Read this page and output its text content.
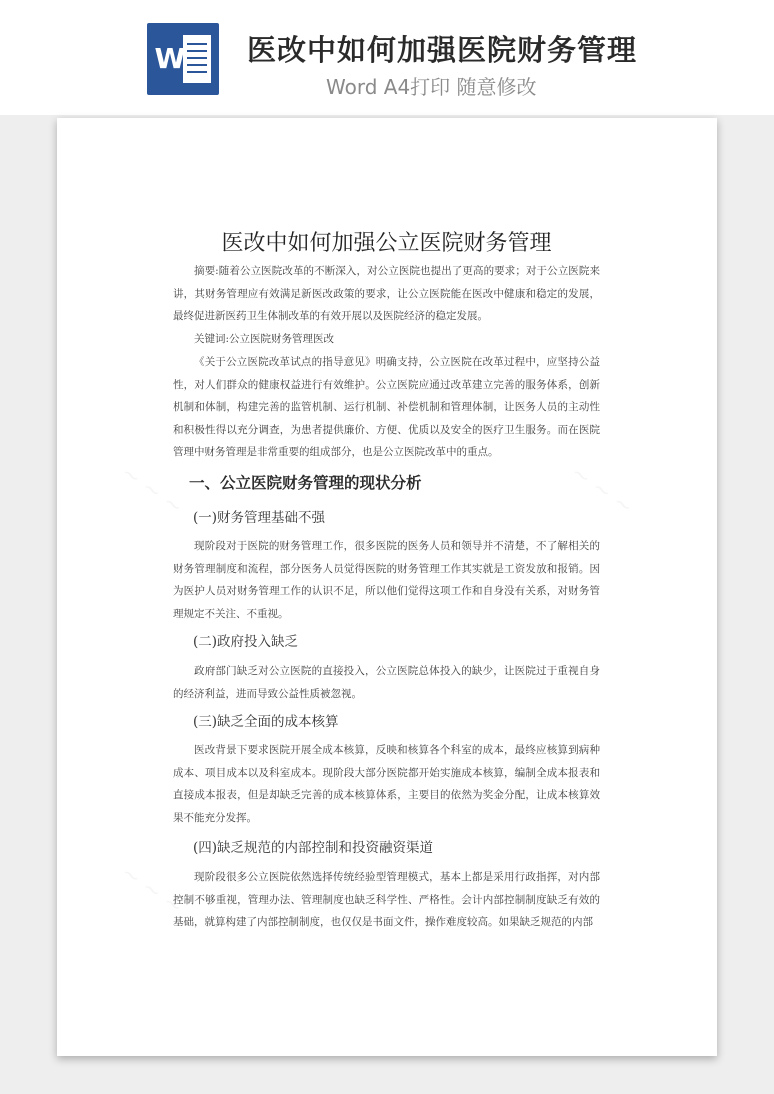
W 医改中如何加强医院财务管理
Word A4打印 随意修改
医改中如何加强公立医院财务管理

摘要:随着公立医院改革的不断深入，对公立医院也提出了更高的要求；对于公立医院来讲，其财务管理应有效满足新医改政策的要求，让公立医院能在医改中健康和稳定的发展，最终促进新医药卫生体制改革的有效开展以及医院经济的稳定发展。

关键词:公立医院财务管理医改

《关于公立医院改革试点的指导意见》明确支持，公立医院在改革过程中，应坚持公益性，对人们群众的健康权益进行有效维护。公立医院应通过改革建立完善的服务体系，创新机制和体制，构建完善的监管机制、运行机制、补偿机制和管理体制，让医务人员的主动性和积极性得以充分调查，为患者提供廉价、方便、优质以及安全的医疗卫生服务。而在医院管理中财务管理是非常重要的组成部分，也是公立医院改革中的重点。

一、公立医院财务管理的现状分析
(一)财务管理基础不强

现阶段对于医院的财务管理工作，很多医院的医务人员和领导并不清楚，不了解相关的财务管理制度和流程，部分医务人员觉得医院的财务管理工作其实就是工资发放和报销。因为医护人员对财务管理工作的认识不足，所以他们觉得这项工作和自身没有关系，对财务管理规定不关注、不重视。

(二)政府投入缺乏

政府部门缺乏对公立医院的直接投入，公立医院总体投入的缺少，让医院过于重视自身的经济利益，进而导致公益性质被忽视。

(三)缺乏全面的成本核算

医改背景下要求医院开展全成本核算，反映和核算各个科室的成本，最终应核算到病种成本、项目成本以及科室成本。现阶段大部分医院都开始实施成本核算，编制全成本报表和直接成本报表，但是却缺乏完善的成本核算体系，主要目的依然为奖金分配，让成本核算效果不能充分发挥。

(四)缺乏规范的内部控制和投资融资渠道

现阶段很多公立医院依然选择传统经验型管理模式，基本上都是采用行政指挥，对内部控制不够重视，管理办法、管理制度也缺乏科学性、严格性。会计内部控制制度缺乏有效的基础，就算构建了内部控制制度，也仅仅是书面文件，操作难度较高。如果缺乏规范的内部
